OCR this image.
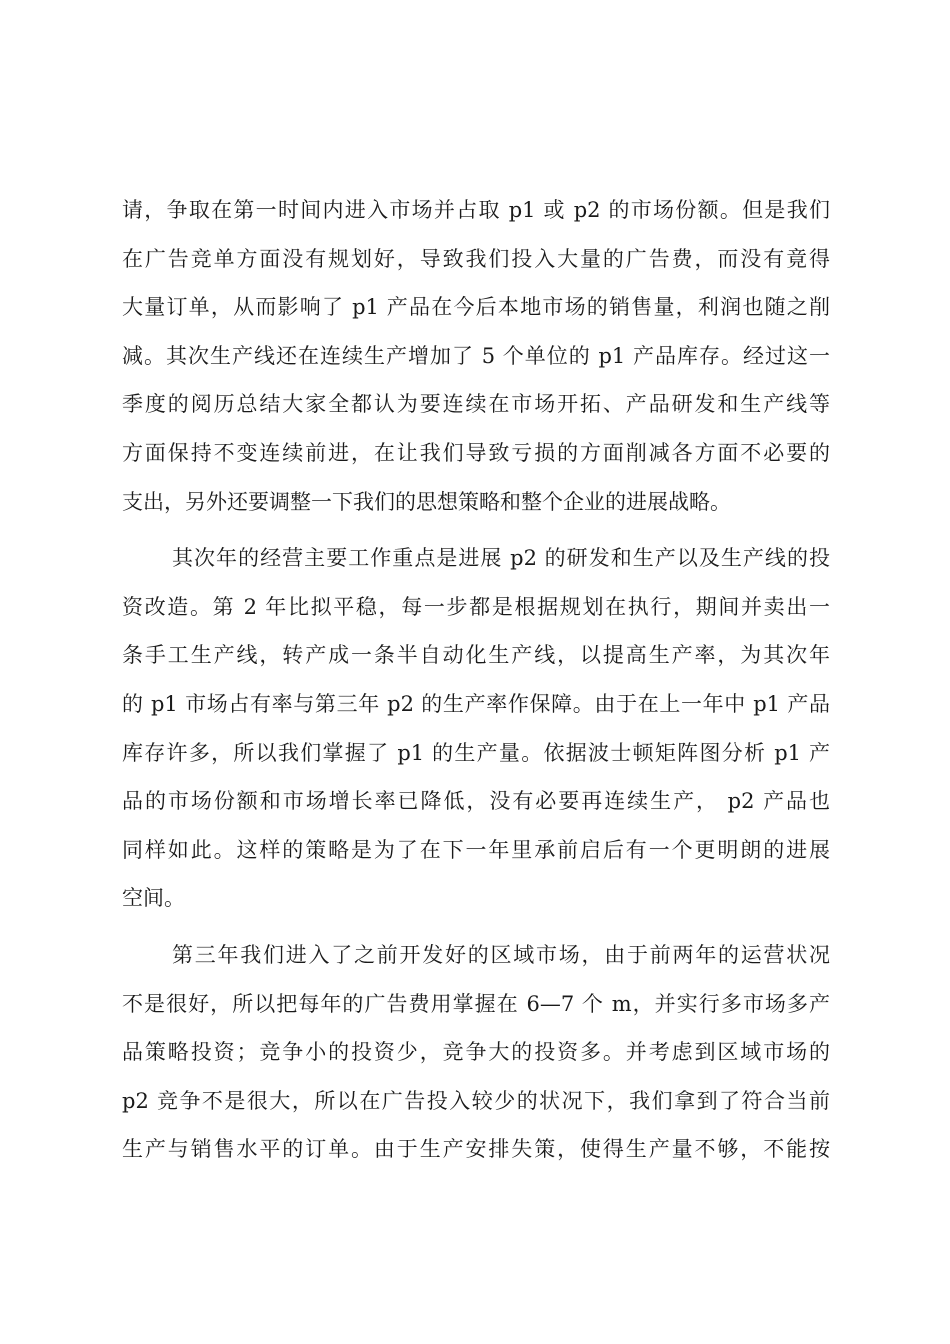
请，争取在第一时间内进入市场并占取 p1 或 p2 的市场份额。但是我们
在广告竞单方面没有规划好，导致我们投入大量的广告费，而没有竟得
大量订单，从而影响了 p1 产品在今后本地市场的销售量，利润也随之削
减。其次生产线还在连续生产增加了 5 个单位的 p1 产品库存。经过这一
季度的阅历总结大家全都认为要连续在市场开拓、产品研发和生产线等
方面保持不变连续前进，在让我们导致亏损的方面削减各方面不必要的
支出，另外还要调整一下我们的思想策略和整个企业的进展战略。
其次年的经营主要工作重点是进展 p2 的研发和生产以及生产线的投
资改造。第 2 年比拟平稳，每一步都是根据规划在执行，期间并卖出一
条手工生产线，转产成一条半自动化生产线，以提高生产率，为其次年
的 p1 市场占有率与第三年 p2 的生产率作保障。由于在上一年中 p1 产品
库存许多，所以我们掌握了 p1 的生产量。依据波士顿矩阵图分析 p1 产
品的市场份额和市场增长率已降低，没有必要再连续生产， p2 产品也
同样如此。这样的策略是为了在下一年里承前启后有一个更明朗的进展
空间。
第三年我们进入了之前开发好的区域市场，由于前两年的运营状况
不是很好，所以把每年的广告费用掌握在 6—7 个 m，并实行多市场多产
品策略投资；竞争小的投资少，竞争大的投资多。并考虑到区域市场的
p2 竞争不是很大，所以在广告投入较少的状况下，我们拿到了符合当前
生产与销售水平的订单。由于生产安排失策，使得生产量不够，不能按
